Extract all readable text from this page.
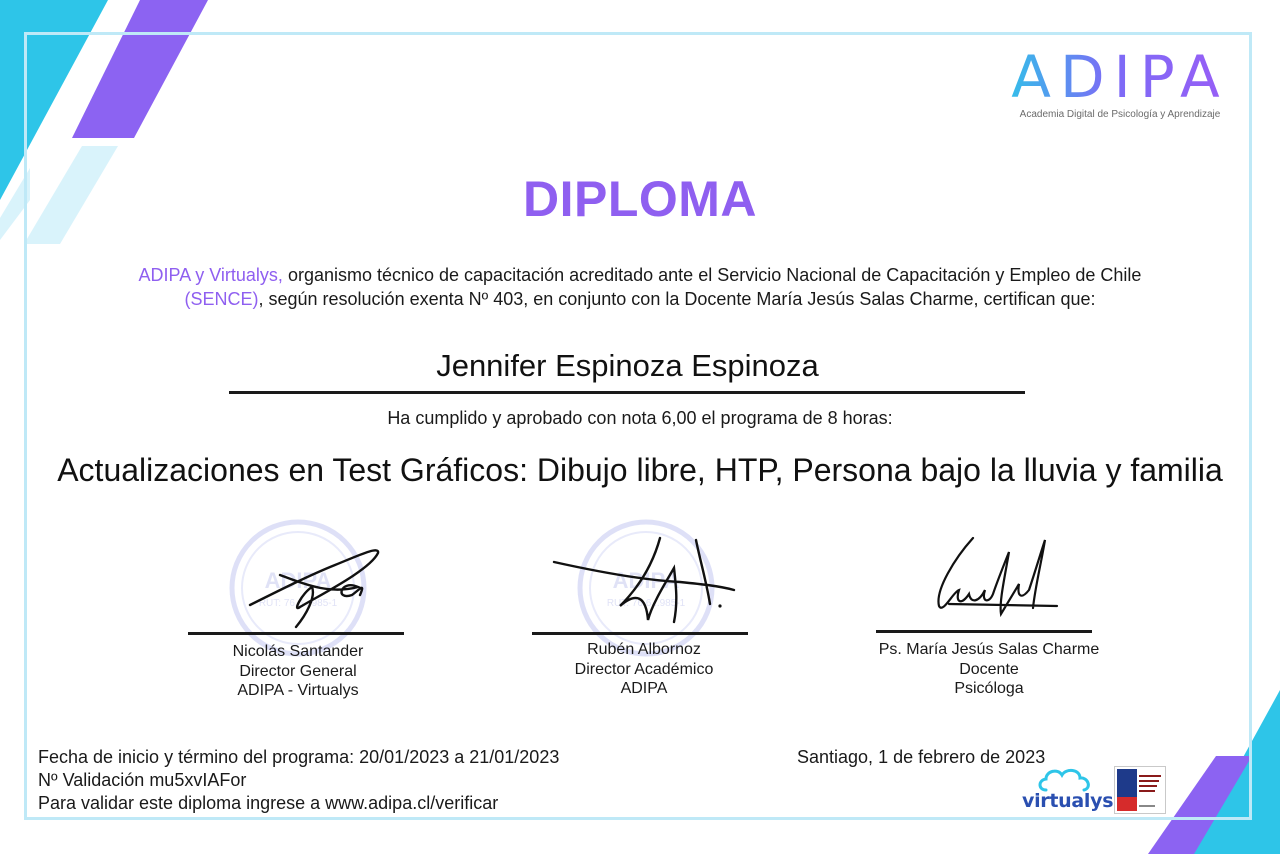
ADIPA
Academia Digital de Psicología y Aprendizaje
DIPLOMA
ADIPA y Virtualys, organismo técnico de capacitación acreditado ante el Servicio Nacional de Capacitación y Empleo de Chile (SENCE), según resolución exenta Nº 403, en conjunto con la Docente María Jesús Salas Charme, certifican que:
Jennifer Espinoza Espinoza
Ha cumplido y aprobado con nota 6,00 el programa de 8 horas:
Actualizaciones en Test Gráficos: Dibujo libre, HTP, Persona bajo la lluvia y familia
ADIPA
RUT: 76.6...985-1
ADIPA
RUT: 76.6...985-1
Nicolás Santander
Director General
ADIPA - Virtualys
Rubén Albornoz
Director Académico
ADIPA
Ps. María Jesús Salas Charme
Docente
Psicóloga
Fecha de inicio y término del programa: 20/01/2023 a 21/01/2023
Nº Validación mu5xvIAFor
Para validar este diploma ingrese a www.adipa.cl/verificar
Santiago, 1 de febrero de 2023
virtualys
